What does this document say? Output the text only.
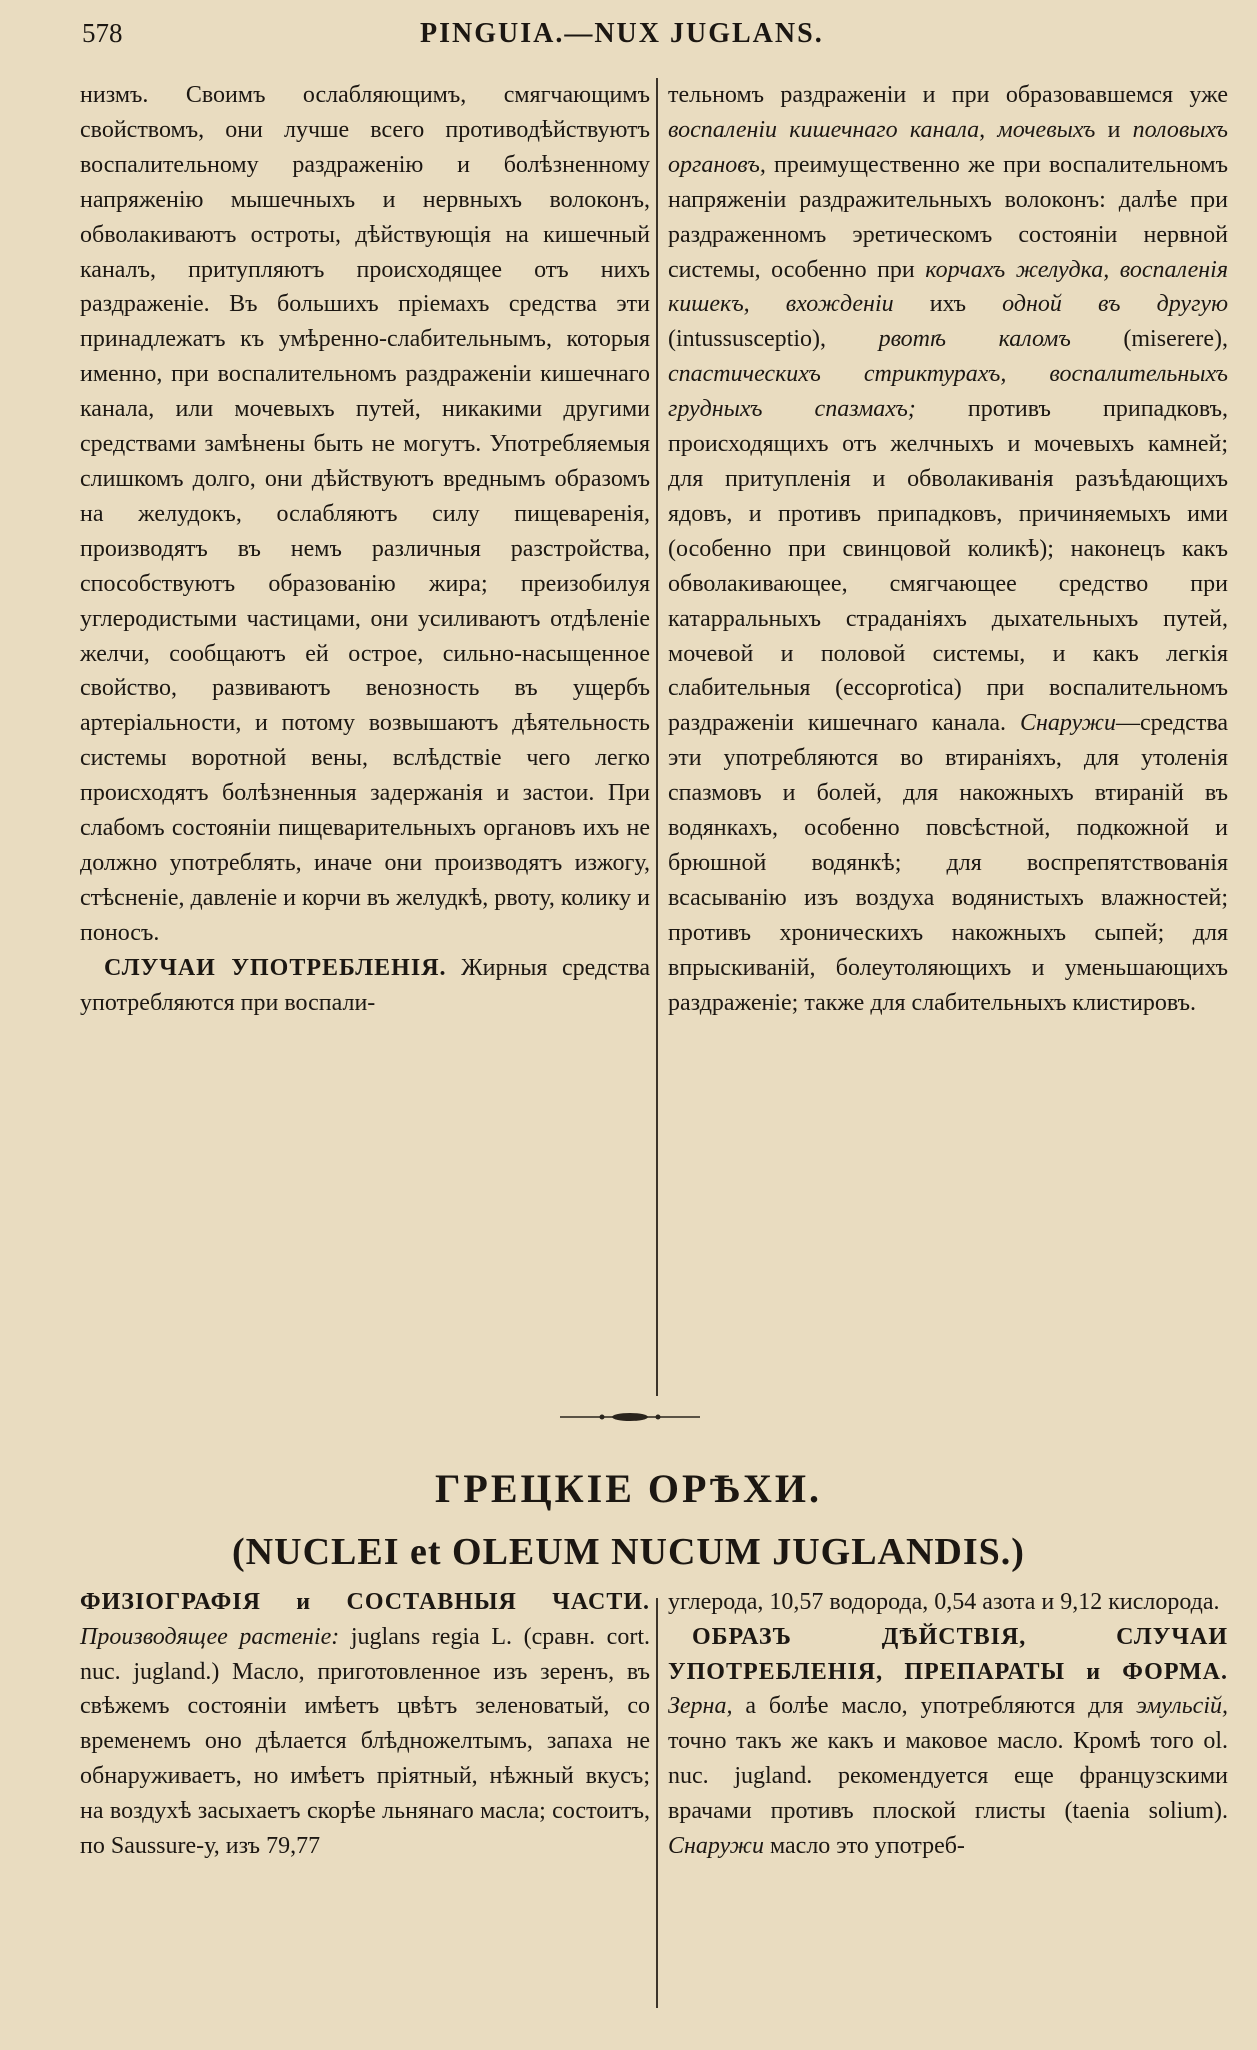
578	PINGUIA.—NUX JUGLANS.

низмъ. Своимъ ослабляющимъ, смягчающимъ свойствомъ, они лучше всего противодѣйствуютъ воспалительному раздраженію и болѣзненному напряженію мышечныхъ и нервныхъ волоконъ, обволакиваютъ остроты, дѣйствующія на кишечный каналъ, притупляютъ происходящее отъ нихъ раздраженіе. Въ большихъ пріемахъ средства эти принадлежатъ къ умѣренно-слабительнымъ, которыя именно, при воспалительномъ раздраженіи кишечнаго канала, или мочевыхъ путей, никакими другими средствами замѣнены быть не могутъ. Употребляемыя слишкомъ долго, они дѣйствуютъ вреднымъ образомъ на желудокъ, ослабляютъ силу пищеваренія, производятъ въ немъ различныя разстройства, способствуютъ образованію жира; преизобилуя углеродистыми частицами, они усиливаютъ отдѣленіе желчи, сообщаютъ ей острое, сильно-насыщенное свойство, развиваютъ венозность въ ущербъ артеріальности, и потому возвышаютъ дѣятельность системы воротной вены, вслѣдствіе чего легко происходятъ болѣзненныя задержанія и застои. При слабомъ состояніи пищеварительныхъ органовъ ихъ не должно употреблять, иначе они производятъ изжогу, стѣсненіе, давленіе и корчи въ желудкѣ, рвоту, колику и поносъ.

СЛУЧАИ УПОТРЕБЛЕНІЯ. Жирныя средства употребляются при воспали-

тельномъ раздраженіи и при образовавшемся уже воспаленіи кишечнаго канала, мочевыхъ и половыхъ органовъ, преимущественно же при воспалительномъ напряженіи раздражительныхъ волоконъ: далѣе при раздраженномъ эретическомъ состояніи нервной системы, особенно при корчахъ желудка, воспаленія кишекъ, вхожденіи ихъ одной въ другую (intussusceptio), рвотѣ каломъ (miserere), спастическихъ стриктурахъ, воспалительныхъ грудныхъ спазмахъ; противъ припадковъ, происходящихъ отъ желчныхъ и мочевыхъ камней; для притупленія и обволакиванія разъѣдающихъ ядовъ, и противъ припадковъ, причиняемыхъ ими (особенно при свинцовой коликѣ); наконецъ какъ обволакивающее, смягчающее средство при катарральныхъ страданіяхъ дыхательныхъ путей, мочевой и половой системы, и какъ легкія слабительныя (eccoprotica) при воспалительномъ раздраженіи кишечнаго канала. Снаружи—средства эти употребляются во втираніяхъ, для утоленія спазмовъ и болей, для накожныхъ втираній въ водянкахъ, особенно повсѣстной, подкожной и брюшной водянкѣ; для воспрепятствованія всасыванію изъ воздуха водянистыхъ влажностей; противъ хроническихъ накожныхъ сыпей; для впрыскиваній, болеутоляющихъ и уменьшающихъ раздраженіе; также для слабительныхъ клистировъ.

ГРЕЦКІЕ ОРѢХИ.
(NUCLEI et OLEUM NUCUM JUGLANDIS.)

ФИЗІОГРАФІЯ и СОСТАВНЫЯ ЧАСТИ. Производящее растеніе: juglans regia L. (сравн. cort. nuc. jugland.) Масло, приготовленное изъ зеренъ, въ свѣжемъ состояніи имѣетъ цвѣтъ зеленоватый, со временемъ оно дѣлается блѣдножелтымъ, запаха не обнаруживаетъ, но имѣетъ пріятный, нѣжный вкусъ; на воздухѣ засыхаетъ скорѣе льнянаго масла; состоитъ, по Saussure-у, изъ 79,77

углерода, 10,57 водорода, 0,54 азота и 9,12 кислорода.

ОБРАЗЪ ДѢЙСТВІЯ, СЛУЧАИ УПОТРЕБЛЕНІЯ, ПРЕПАРАТЫ и ФОРМА. Зерна, а болѣе масло, употребляются для эмульсій, точно такъ же какъ и маковое масло. Кромѣ того ol. nuc. jugland. рекомендуется еще французскими врачами противъ плоской глисты (taenia solium). Снаружи масло это употреб-
